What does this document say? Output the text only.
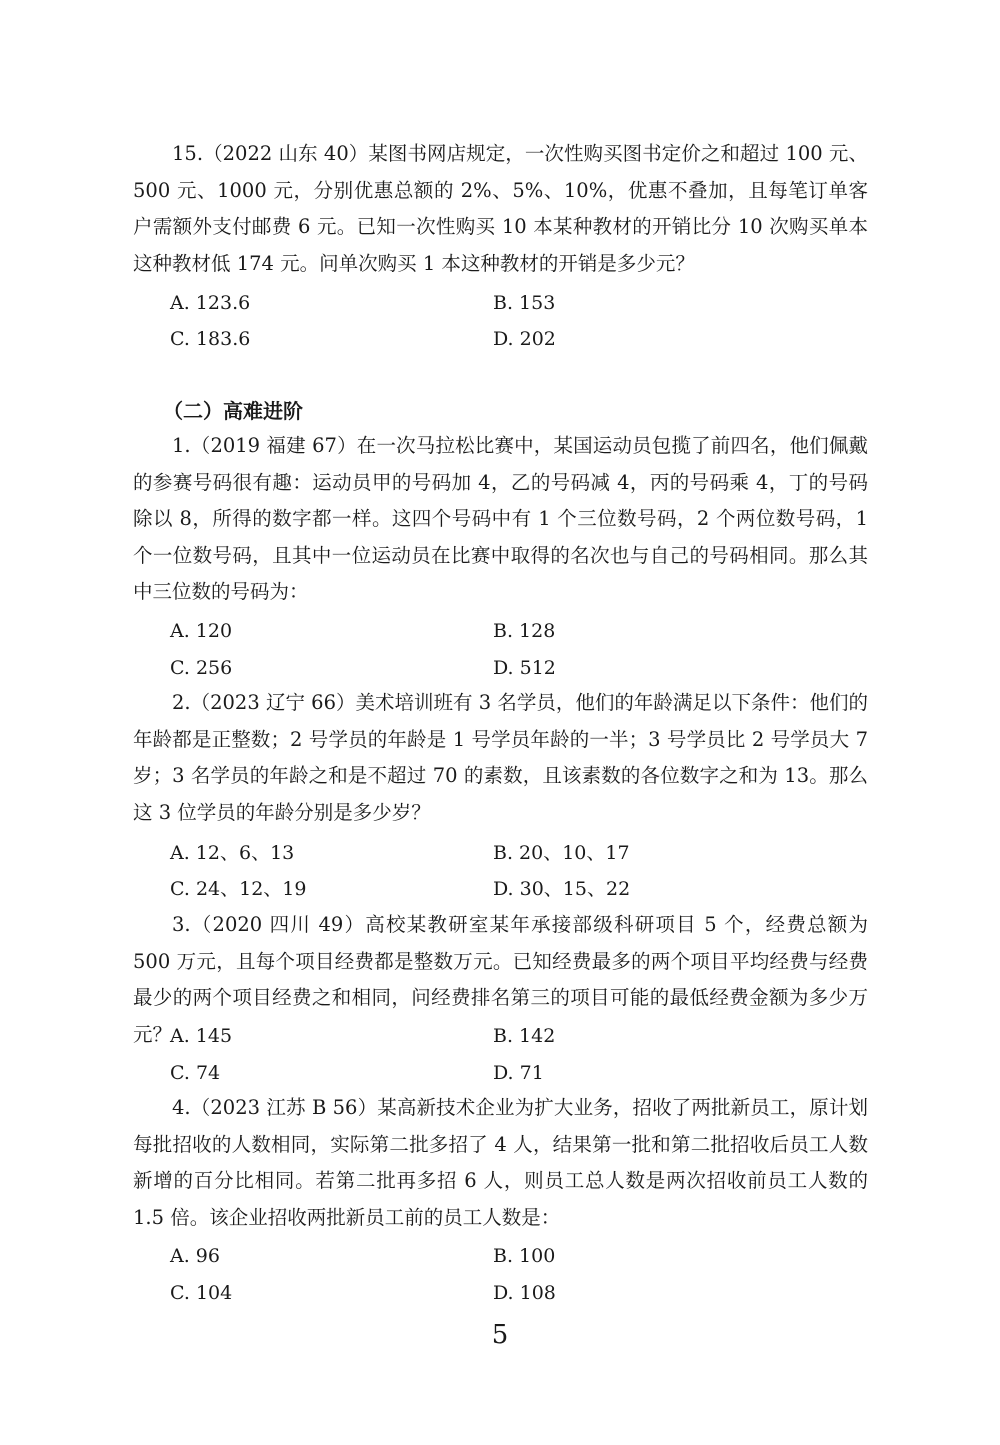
15.（2022 山东 40）某图书网店规定，一次性购买图书定价之和超过 100 元、500 元、1000 元，分别优惠总额的 2%、5%、10%，优惠不叠加，且每笔订单客户需额外支付邮费 6 元。已知一次性购买 10 本某种教材的开销比分 10 次购买单本这种教材低 174 元。问单次购买 1 本这种教材的开销是多少元？

A. 123.6	B. 153
C. 183.6	D. 202
（二）高难进阶

1.（2019 福建 67）在一次马拉松比赛中，某国运动员包揽了前四名，他们佩戴的参赛号码很有趣：运动员甲的号码加 4，乙的号码减 4，丙的号码乘 4，丁的号码除以 8，所得的数字都一样。这四个号码中有 1 个三位数号码，2 个两位数号码，1 个一位数号码，且其中一位运动员在比赛中取得的名次也与自己的号码相同。那么其中三位数的号码为：

A. 120	B. 128
C. 256	D. 512

2.（2023 辽宁 66）美术培训班有 3 名学员，他们的年龄满足以下条件：他们的年龄都是正整数；2 号学员的年龄是 1 号学员年龄的一半；3 号学员比 2 号学员大 7 岁；3 名学员的年龄之和是不超过 70 的素数，且该素数的各位数字之和为 13。那么这 3 位学员的年龄分别是多少岁？

A. 12、6、13	B. 20、10、17
C. 24、12、19	D. 30、15、22

3.（2020 四川 49）高校某教研室某年承接部级科研项目 5 个，经费总额为 500 万元，且每个项目经费都是整数万元。已知经费最多的两个项目平均经费与经费最少的两个项目经费之和相同，问经费排名第三的项目可能的最低经费金额为多少万元？

A. 145	B. 142
C. 74	D. 71

4.（2023 江苏 B 56）某高新技术企业为扩大业务，招收了两批新员工，原计划每批招收的人数相同，实际第二批多招了 4 人，结果第一批和第二批招收后员工人数新增的百分比相同。若第二批再多招 6 人，则员工总人数是两次招收前员工人数的 1.5 倍。该企业招收两批新员工前的员工人数是：

A. 96	B. 100
C. 104	D. 108
5
